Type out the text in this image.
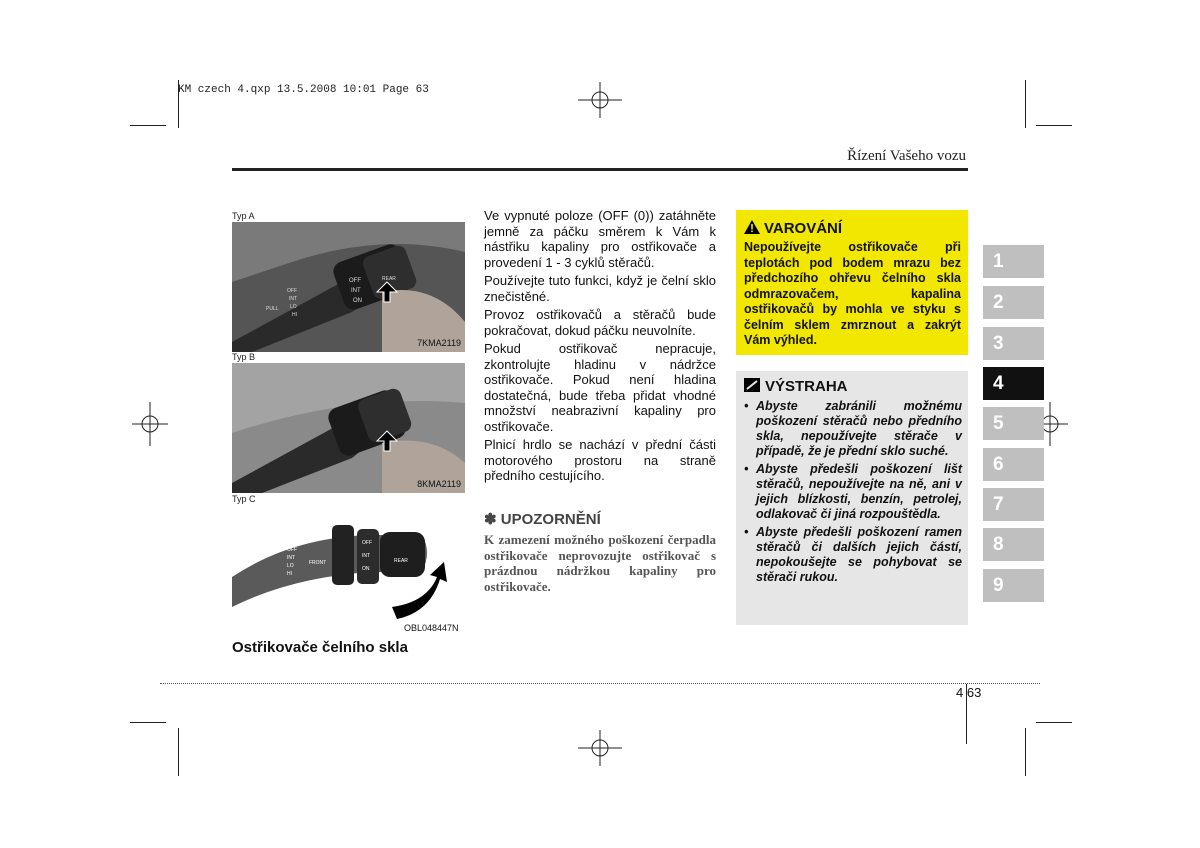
KM czech 4.qxp 13.5.2008 10:01 Page 63
Řízení Vašeho vozu
Typ A
OFF
INT
ON
REAR
OFF
INT
LO
HI
PULL
7KMA2119
Typ B
8KMA2119
Typ C
MIST
OFF
INT
LO
HI
FRONT
OFF
INT
ON
REAR
OBL048447N
Ostřikovače čelního skla

Ve vypnuté poloze (OFF (0)) zatáhněte jemně za páčku směrem k Vám k nástřiku kapaliny pro ostřikovače a provedení 1 - 3 cyklů stěračů.

Používejte tuto funkci, když je čelní sklo znečistěné.

Provoz ostřikovačů a stěračů bude pokračovat, dokud páčku neuvolníte.

Pokud ostřikovač nepracuje, zkontrolujte hladinu v nádržce ostřikovače. Pokud není hladina dostatečná, bude třeba přidat vhodné množství neabrazivní kapaliny pro ostřikovače.

Plnicí hrdlo se nachází v přední části motorového prostoru na straně předního cestujícího.

✽ UPOZORNĚNÍ
K zamezení možného poškození čerpadla ostřikovače neprovozujte ostřikovač s prázdnou nádržkou kapaliny pro ostřikovače.
VAROVÁNÍ
Nepoužívejte ostřikovače při teplotách pod bodem mrazu bez předchozího ohřevu čelního skla odmrazovačem, kapalina ostřikovačů by mohla ve styku s čelním sklem zmrznout a zakrýt Vám výhled.
VÝSTRAHA
• Abyste zabránili možnému poškození stěračů nebo předního skla, nepoužívejte stěrače v případě, že je přední sklo suché.
• Abyste předešli poškození lišt stěračů, nepoužívejte na ně, ani v jejich blízkosti, benzín, petrolej, odlakovač či jiná rozpouštědla.
• Abyste předešli poškození ramen stěračů či dalších jejich částí, nepokoušejte se pohybovat se stěrači rukou.
1
2
3
4
5
6
7
8
9
4 63
